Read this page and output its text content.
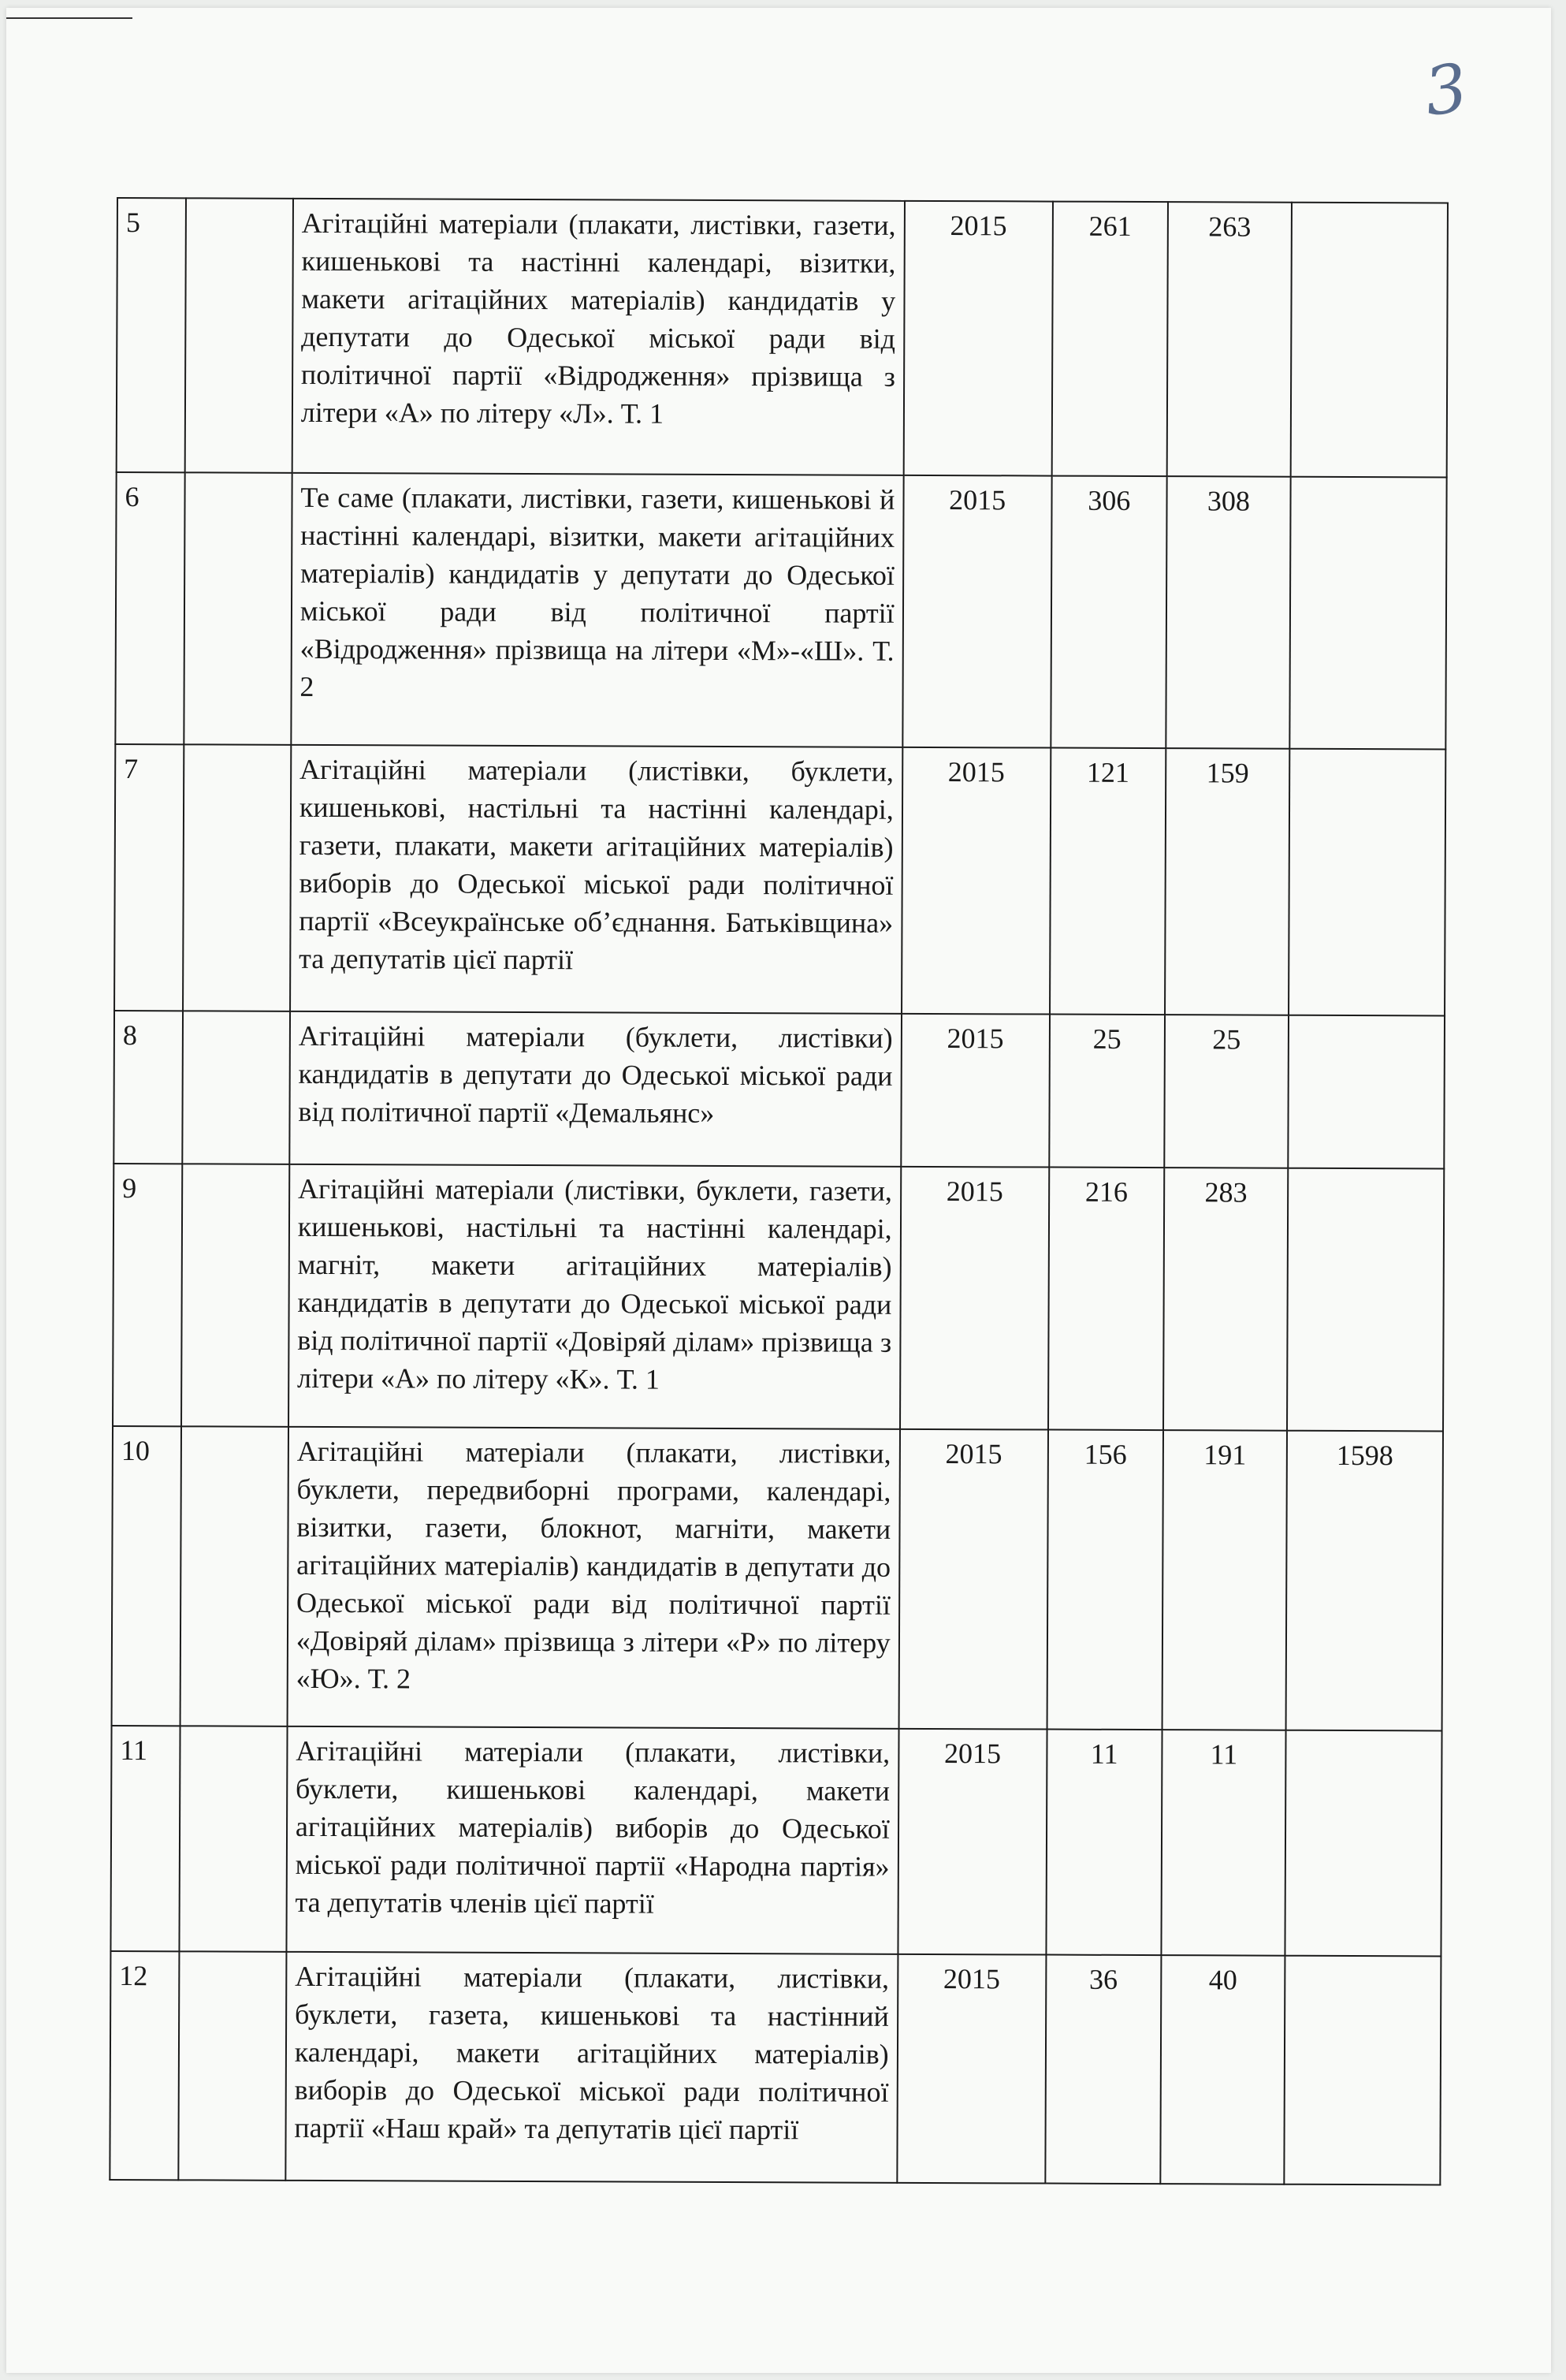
3
5		Агітаційні матеріали (плакати, листівки, газети, кишенькові та настінні календарі, візитки, макети агітаційних матеріалів) кандидатів у депутати до Одеської міської ради від політичної партії «Відродження» прізвища з літери «А» по літеру «Л». Т. 1	2015	261	263	
6		Те саме (плакати, листівки, газети, кишенькові й настінні календарі, візитки, макети агітаційних матеріалів) кандидатів у депутати до Одеської міської ради від політичної партії «Відродження» прізвища на літери «М»-«Ш». Т. 2	2015	306	308	
7		Агітаційні матеріали (листівки, буклети, кишенькові, настільні та настінні календарі, газети, плакати, макети агітаційних матеріалів) виборів до Одеської міської ради політичної партії «Всеукраїнське об’єднання. Батьківщина» та депутатів цієї партії	2015	121	159	
8		Агітаційні матеріали (буклети, листівки) кандидатів в депутати до Одеської міської ради від політичної партії «Демальянс»	2015	25	25	
9		Агітаційні матеріали (листівки, буклети, газети, кишенькові, настільні та настінні календарі, магніт, макети агітаційних матеріалів) кандидатів в депутати до Одеської міської ради від політичної партії «Довіряй ділам» прізвища з літери «А» по літеру «К». Т. 1	2015	216	283	
10		Агітаційні матеріали (плакати, листівки, буклети, передвиборні програми, календарі, візитки, газети, блокнот, магніти, макети агітаційних матеріалів) кандидатів в депутати до Одеської міської ради від політичної партії «Довіряй ділам» прізвища з літери «Р» по літеру «Ю». Т. 2	2015	156	191	1598
11		Агітаційні матеріали (плакати, листівки, буклети, кишенькові календарі, макети агітаційних матеріалів) виборів до Одеської міської ради політичної партії «Народна партія» та депутатів членів цієї партії	2015	11	11	
12		Агітаційні матеріали (плакати, листівки, буклети, газета, кишенькові та настінний календарі, макети агітаційних матеріалів) виборів до Одеської міської ради політичної партії «Наш край» та депутатів цієї партії	2015	36	40	
